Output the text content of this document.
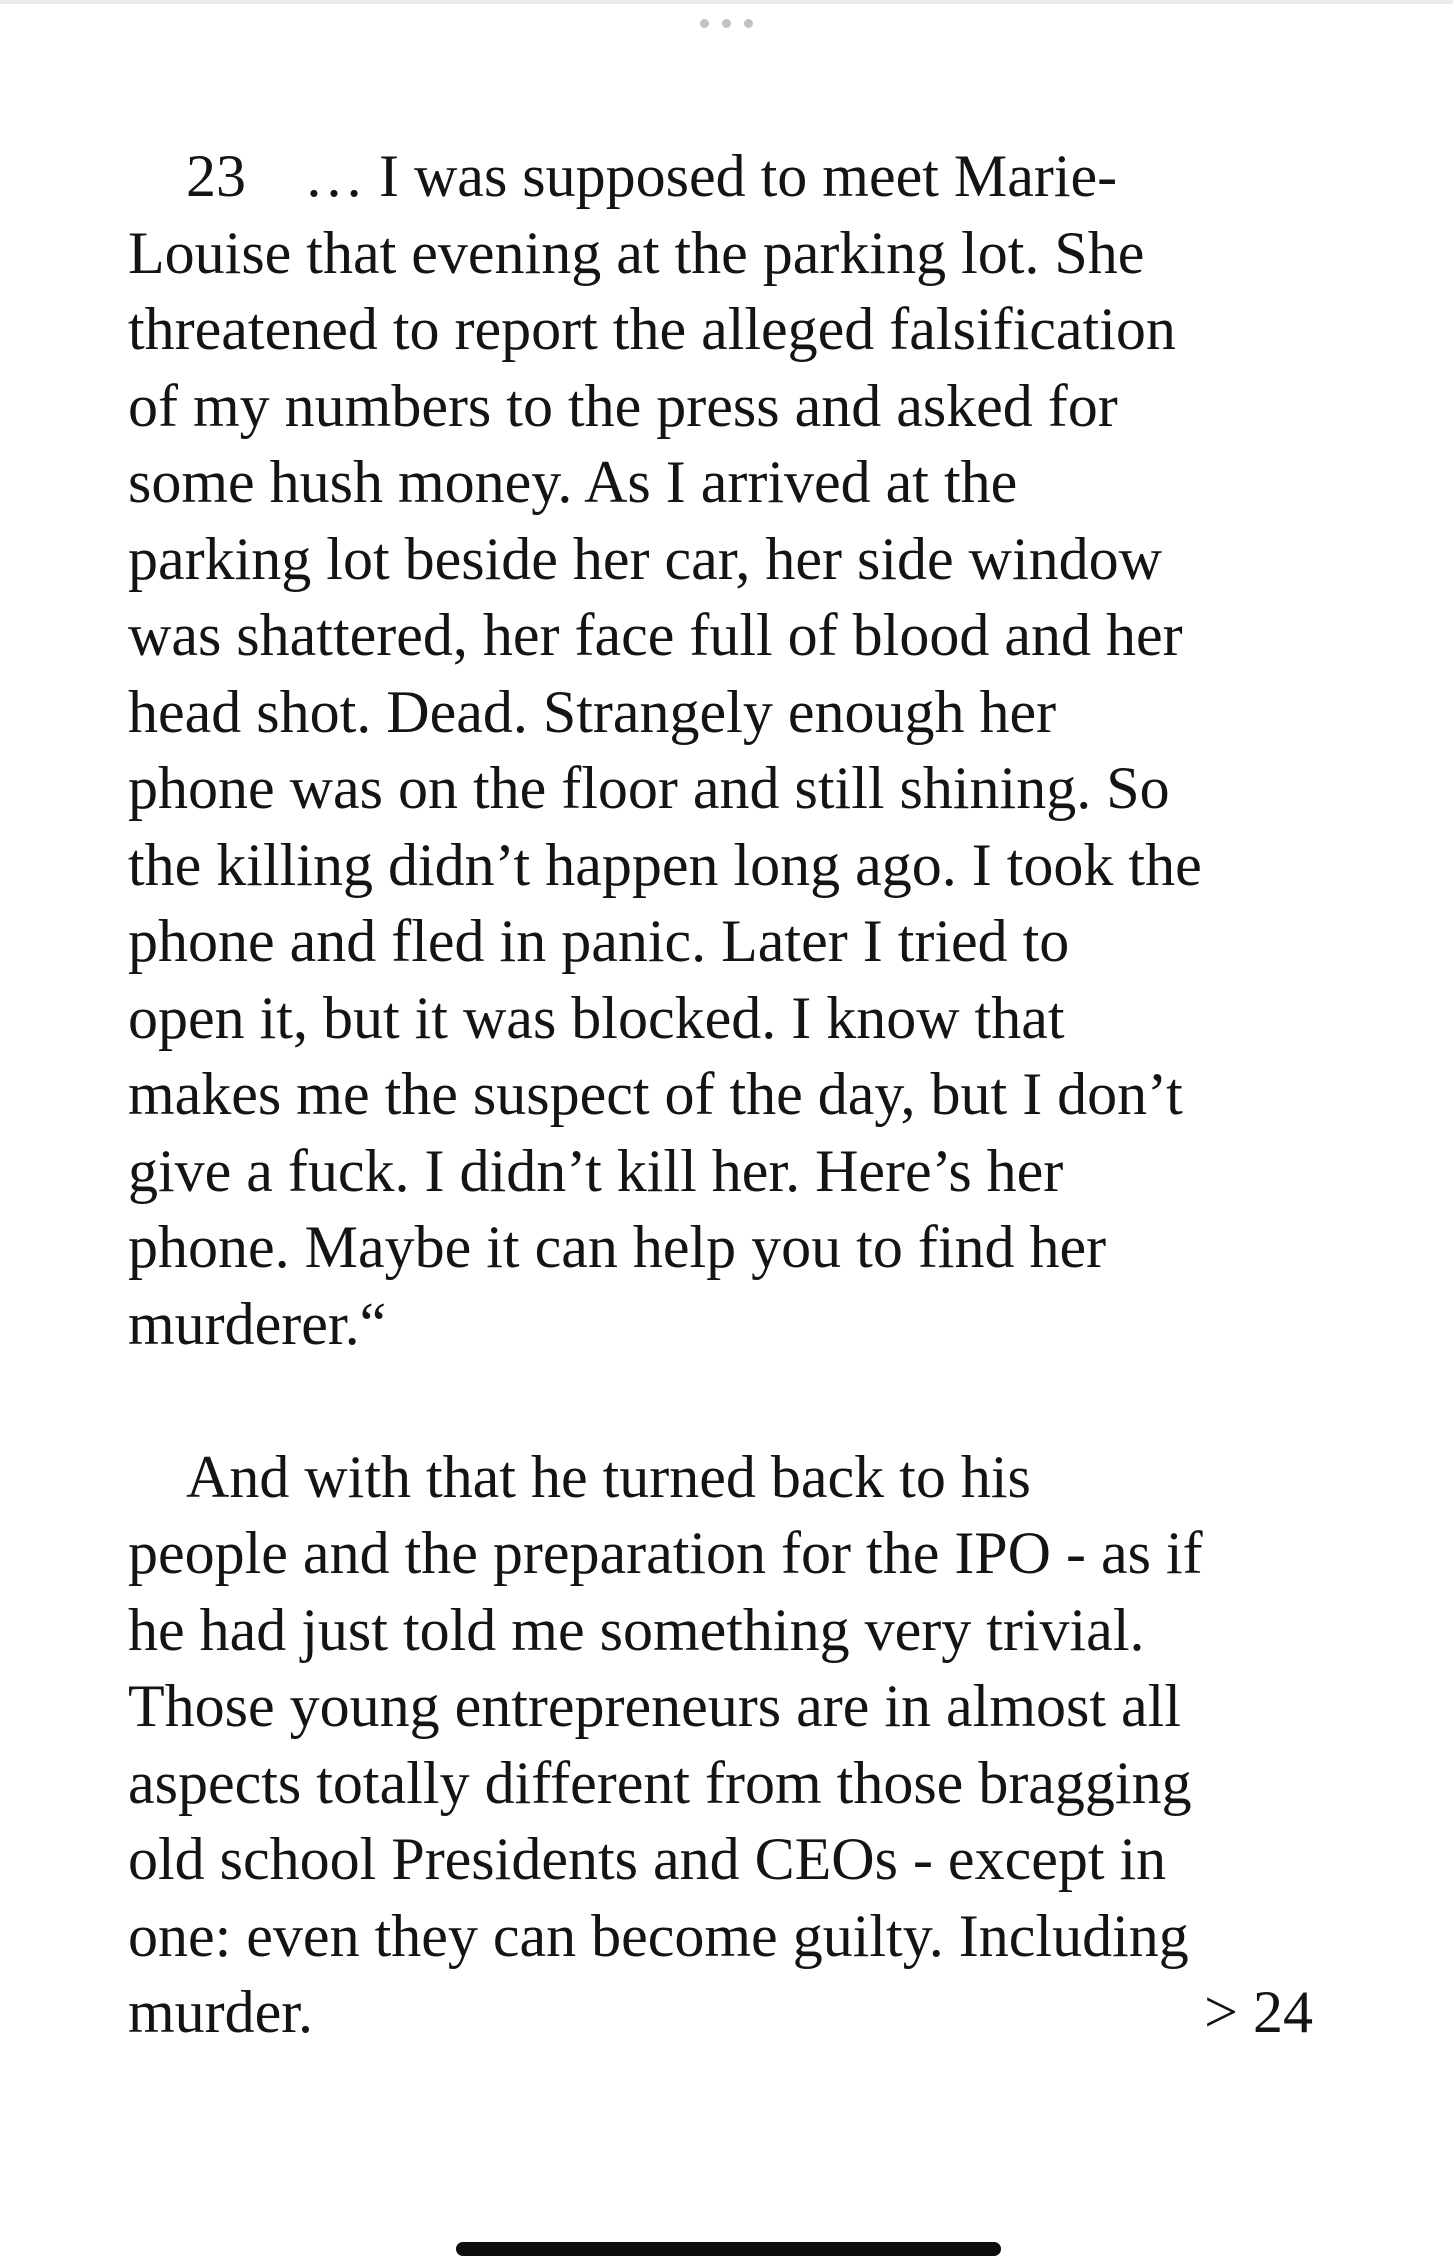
23 … I was supposed to meet Marie-
Louise that evening at the parking lot. She
threatened to report the alleged falsification
of my numbers to the press and asked for
some hush money. As I arrived at the
parking lot beside her car, her side window
was shattered, her face full of blood and her
head shot. Dead. Strangely enough her
phone was on the floor and still shining. So
the killing didn’t happen long ago. I took the
phone and fled in panic. Later I tried to
open it, but it was blocked. I know that
makes me the suspect of the day, but I don’t
give a fuck. I didn’t kill her. Here’s her
phone. Maybe it can help you to find her
murderer.“
And with that he turned back to his
people and the preparation for the IPO - as if
he had just told me something very trivial.
Those young entrepreneurs are in almost all
aspects totally different from those bragging
old school Presidents and CEOs - except in
one: even they can become guilty. Including
murder.	> 24
